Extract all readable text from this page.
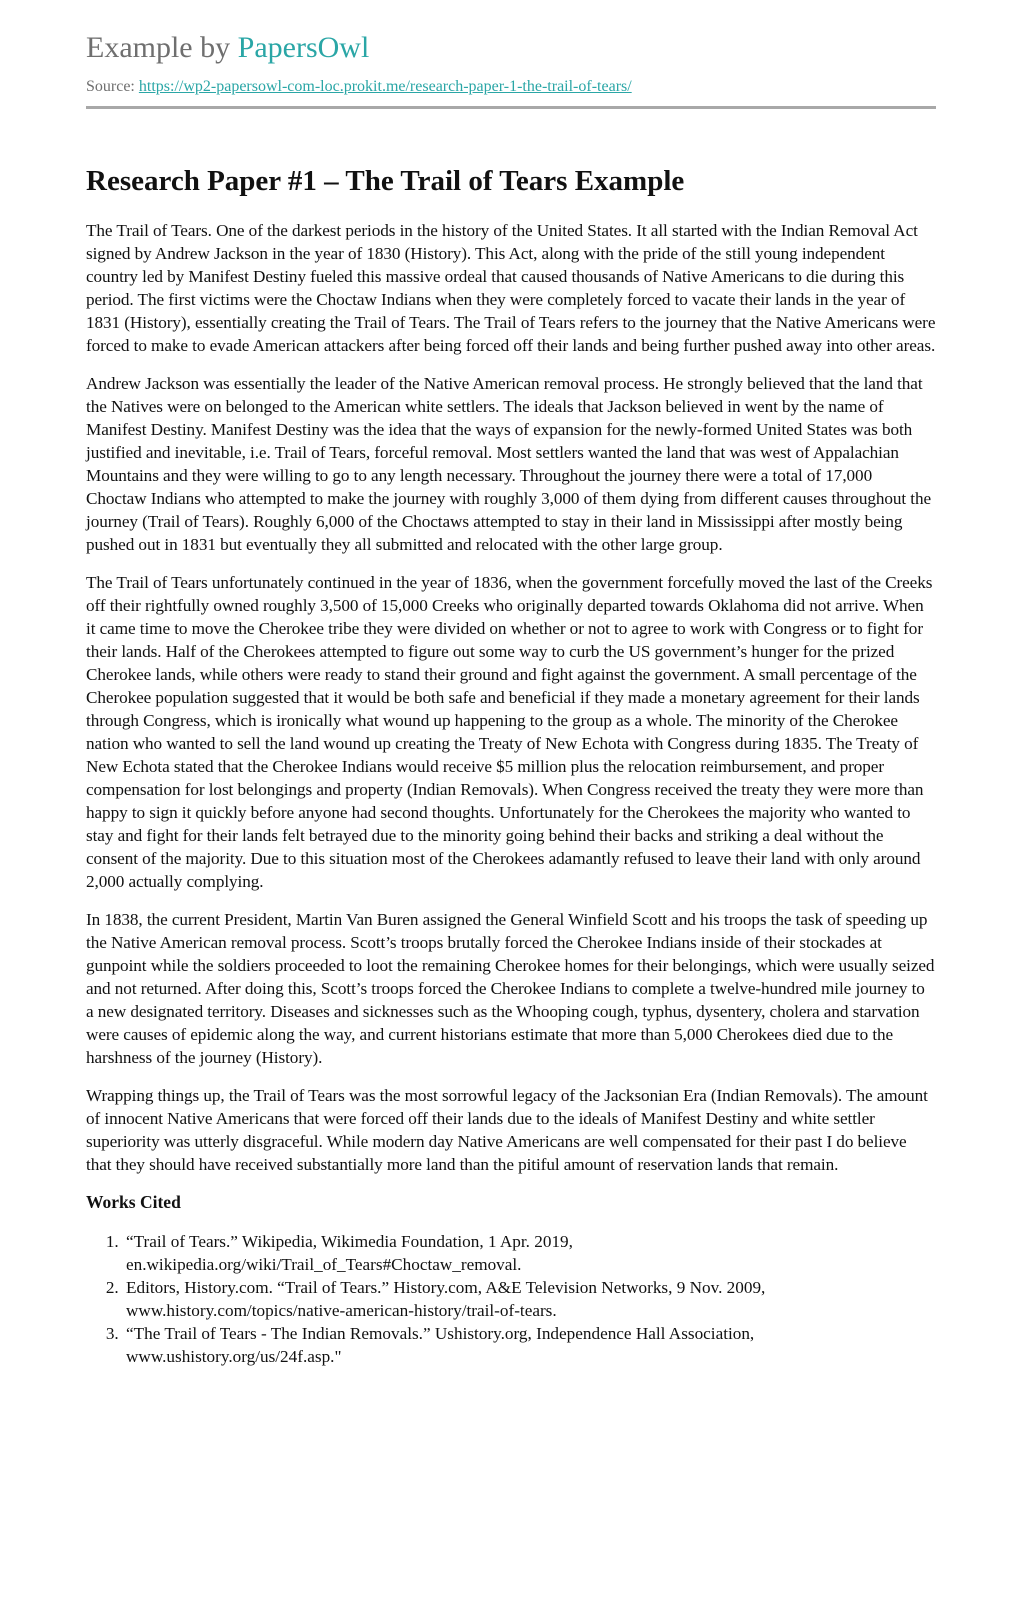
Example by PapersOwl
Source: https://wp2-papersowl-com-loc.prokit.me/research-paper-1-the-trail-of-tears/
Research Paper #1 – The Trail of Tears Example

The Trail of Tears. One of the darkest periods in the history of the United States. It all started with the Indian Removal Act signed by Andrew Jackson in the year of 1830 (History). This Act, along with the pride of the still young independent country led by Manifest Destiny fueled this massive ordeal that caused thousands of Native Americans to die during this period. The first victims were the Choctaw Indians when they were completely forced to vacate their lands in the year of 1831 (History), essentially creating the Trail of Tears. The Trail of Tears refers to the journey that the Native Americans were forced to make to evade American attackers after being forced off their lands and being further pushed away into other areas.

Andrew Jackson was essentially the leader of the Native American removal process. He strongly believed that the land that the Natives were on belonged to the American white settlers. The ideals that Jackson believed in went by the name of Manifest Destiny. Manifest Destiny was the idea that the ways of expansion for the newly-formed United States was both justified and inevitable, i.e. Trail of Tears, forceful removal. Most settlers wanted the land that was west of Appalachian Mountains and they were willing to go to any length necessary. Throughout the journey there were a total of 17,000 Choctaw Indians who attempted to make the journey with roughly 3,000 of them dying from different causes throughout the journey (Trail of Tears). Roughly 6,000 of the Choctaws attempted to stay in their land in Mississippi after mostly being pushed out in 1831 but eventually they all submitted and relocated with the other large group.

The Trail of Tears unfortunately continued in the year of 1836, when the government forcefully moved the last of the Creeks off their rightfully owned roughly 3,500 of 15,000 Creeks who originally departed towards Oklahoma did not arrive. When it came time to move the Cherokee tribe they were divided on whether or not to agree to work with Congress or to fight for their lands. Half of the Cherokees attempted to figure out some way to curb the US government’s hunger for the prized Cherokee lands, while others were ready to stand their ground and fight against the government. A small percentage of the Cherokee population suggested that it would be both safe and beneficial if they made a monetary agreement for their lands through Congress, which is ironically what wound up happening to the group as a whole. The minority of the Cherokee nation who wanted to sell the land wound up creating the Treaty of New Echota with Congress during 1835. The Treaty of New Echota stated that the Cherokee Indians would receive $5 million plus the relocation reimbursement, and proper compensation for lost belongings and property (Indian Removals). When Congress received the treaty they were more than happy to sign it quickly before anyone had second thoughts. Unfortunately for the Cherokees the majority who wanted to stay and fight for their lands felt betrayed due to the minority going behind their backs and striking a deal without the consent of the majority. Due to this situation most of the Cherokees adamantly refused to leave their land with only around 2,000 actually complying.

In 1838, the current President, Martin Van Buren assigned the General Winfield Scott and his troops the task of speeding up the Native American removal process. Scott’s troops brutally forced the Cherokee Indians inside of their stockades at gunpoint while the soldiers proceeded to loot the remaining Cherokee homes for their belongings, which were usually seized and not returned. After doing this, Scott’s troops forced the Cherokee Indians to complete a twelve-hundred mile journey to a new designated territory. Diseases and sicknesses such as the Whooping cough, typhus, dysentery, cholera and starvation were causes of epidemic along the way, and current historians estimate that more than 5,000 Cherokees died due to the harshness of the journey (History).

Wrapping things up, the Trail of Tears was the most sorrowful legacy of the Jacksonian Era (Indian Removals). The amount of innocent Native Americans that were forced off their lands due to the ideals of Manifest Destiny and white settler superiority was utterly disgraceful. While modern day Native Americans are well compensated for their past I do believe that they should have received substantially more land than the pitiful amount of reservation lands that remain.

Works Cited
1. “Trail of Tears.” Wikipedia, Wikimedia Foundation, 1 Apr. 2019, en.wikipedia.org/wiki/Trail_of_Tears#Choctaw_removal.
2. Editors, History.com. “Trail of Tears.” History.com, A&E Television Networks, 9 Nov. 2009, www.history.com/topics/native-american-history/trail-of-tears.
3. “The Trail of Tears - The Indian Removals.” Ushistory.org, Independence Hall Association, www.ushistory.org/us/24f.asp."
